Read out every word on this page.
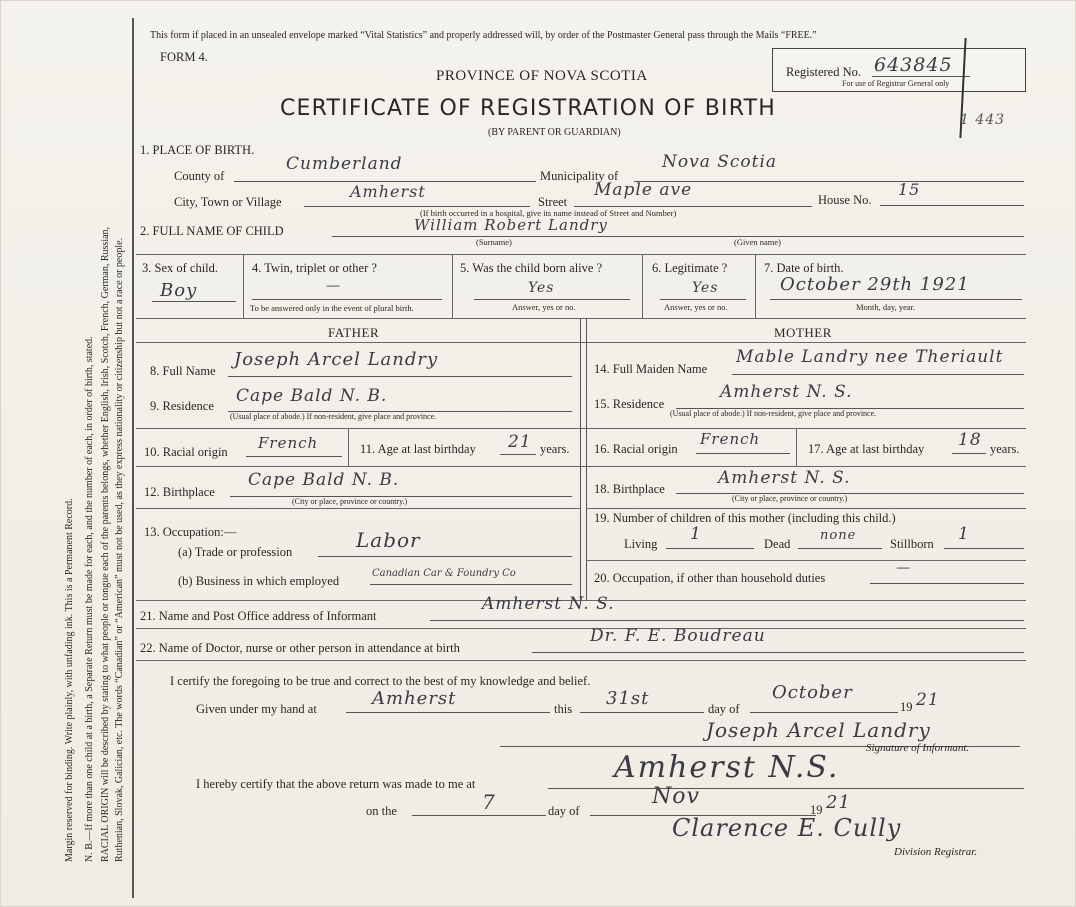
Margin reserved for binding. Write plainly, with unfading ink. This is a Permanent Record. N. B.—If more than one child at a birth, a Separate Return must be made for each, and the number of each, in order of birth, stated. RACIAL ORIGIN will be described by stating to what people or tongue each of the parents belongs, whether English, Irish, Scotch, French, German, Russian, Ruthenian, Slovak, Galician, etc. The words “Canadian” or “American” must not be used, as they express nationality or citizenship but not a race or people.
This form if placed in an unsealed envelope marked “Vital Statistics” and properly addressed will, by order of the Postmaster General pass through the Mails “FREE.”
FORM 4.
PROVINCE OF NOVA SCOTIA
CERTIFICATE OF REGISTRATION OF BIRTH
(BY PARENT OR GUARDIAN)
Registered No. 643845
For use of Registrar General only
1 443
1. PLACE OF BIRTH.
County of
Cumberland
Municipality of
Nova Scotia
City, Town or Village
Amherst
Street
Maple ave	House No.
15
(If birth occurred in a hospital, give its name instead of Street and Number)
2. FULL NAME OF CHILD	William Robert Landry
(Surname)	(Given name)
3. Sex of child.
Boy
4. Twin, triplet or other ?
—
To be answered only in the event of plural birth.
5. Was the child born alive ?
Yes
Answer, yes or no.
6. Legitimate ?
Yes
Answer, yes or no.
7. Date of birth.
October 29th 1921
Month, day, year.
FATHER	MOTHER
8. Full Name
Joseph Arcel Landry
9. Residence Cape Bald N. B.
(Usual place of abode.) If non-resident, give place and province.
10. Racial origin French	11. Age at last birthday 21 years.
12. Birthplace
Cape Bald N. B.
(City or place, province or country.)
13. Occupation:—
(a) Trade or profession	Labor
(b) Business in which employed
Canadian Car & Foundry Co
14. Full Maiden Name
Mable Landry nee Theriault
15. Residence
Amherst N. S.
(Usual place of abode.) If non-resident, give place and province.
16. Racial origin
French
17. Age at last birthday 18 years.
18. Birthplace
Amherst N. S.
(City or place, province or country.)
19. Number of children of this mother (including this child.)
Living 1	Dead
none
Stillborn 1
20. Occupation, if other than household duties
—
21. Name and Post Office address of Informant
Amherst N. S.
22. Name of Doctor, nurse or other person in attendance at birth
Dr. F. E. Boudreau
I certify the foregoing to be true and correct to the best of my knowledge and belief.
Given under my hand at	Amherst	this 31st	day of
October
19 21
Joseph Arcel Landry
Signature of Informant.
I hereby certify that the above return was made to me at	Amherst N.S.
on the	7	day of
Nov
19 21
Clarence E. Cully
Division Registrar.
